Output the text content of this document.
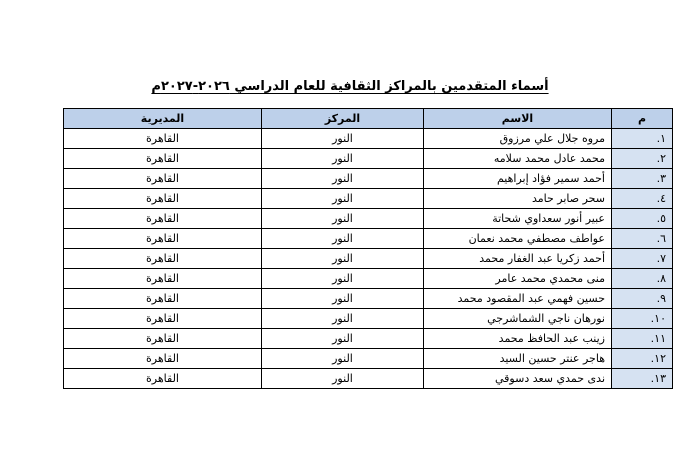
أسماء المتقدمين بالمراكز الثقافية للعام الدراسي ٢٠٢٦-٢٠٢٧م
م	الاسم	المركز	المديرية
١.	مروه جلال علي مرزوق	النور	القاهرة
٢.	محمد عادل محمد سلامه	النور	القاهرة
٣.	أحمد سمير فؤاد إبراهيم	النور	القاهرة
٤.	سحر صابر حامد	النور	القاهرة
٥.	عبير أنور سعداوي شحاتة	النور	القاهرة
٦.	عواطف مصطفي محمد نعمان	النور	القاهرة
٧.	أحمد زكريا عبد الغفار محمد	النور	القاهرة
٨.	منى محمدي محمد عامر	النور	القاهرة
٩.	حسين فهمي عبد المقصود محمد	النور	القاهرة
١٠.	نورهان ناجي الشماشرجي	النور	القاهرة
١١.	زينب عبد الحافظ محمد	النور	القاهرة
١٢.	هاجر عنتر حسين السيد	النور	القاهرة
١٣.	ندى حمدي سعد دسوقي	النور	القاهرة
